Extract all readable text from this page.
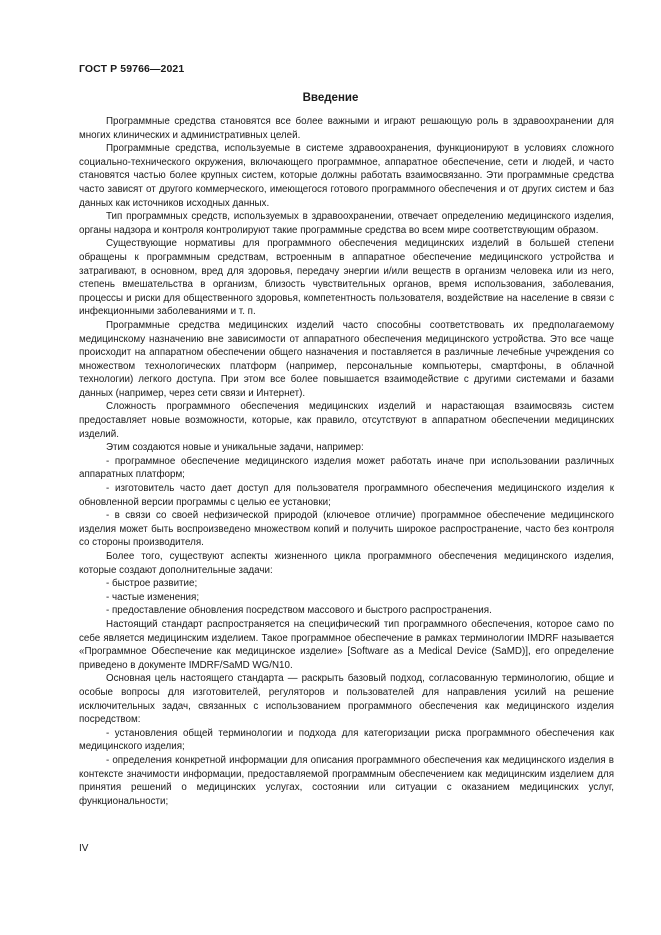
ГОСТ Р 59766—2021
Введение

Программные средства становятся все более важными и играют решающую роль в здравоохранении для многих клинических и административных целей.

Программные средства, используемые в системе здравоохранения, функционируют в условиях сложного социально-технического окружения, включающего программное, аппаратное обеспечение, сети и людей, и часто становятся частью более крупных систем, которые должны работать взаимосвязанно. Эти программные средства часто зависят от другого коммерческого, имеющегося готового программного обеспечения и от других систем и баз данных как источников исходных данных.

Тип программных средств, используемых в здравоохранении, отвечает определению медицинского изделия, органы надзора и контроля контролируют такие программные средства во всем мире соответствующим образом.

Существующие нормативы для программного обеспечения медицинских изделий в большей степени обращены к программным средствам, встроенным в аппаратное обеспечение медицинского устройства и затрагивают, в основном, вред для здоровья, передачу энергии и/или веществ в организм человека или из него, степень вмешательства в организм, близость чувствительных органов, время использования, заболевания, процессы и риски для общественного здоровья, компетентность пользователя, воздействие на население в связи с инфекционными заболеваниями и т. п.

Программные средства медицинских изделий часто способны соответствовать их предполагаемому медицинскому назначению вне зависимости от аппаратного обеспечения медицинского устройства. Это все чаще происходит на аппаратном обеспечении общего назначения и поставляется в различные лечебные учреждения со множеством технологических платформ (например, персональные компьютеры, смартфоны, в облачной технологии) легкого доступа. При этом все более повышается взаимодействие с другими системами и базами данных (например, через сети связи и Интернет).

Сложность программного обеспечения медицинских изделий и нарастающая взаимосвязь систем предоставляет новые возможности, которые, как правило, отсутствуют в аппаратном обеспечении медицинских изделий.

Этим создаются новые и уникальные задачи, например:

- программное обеспечение медицинского изделия может работать иначе при использовании различных аппаратных платформ;

- изготовитель часто дает доступ для пользователя программного обеспечения медицинского изделия к обновленной версии программы с целью ее установки;

- в связи со своей нефизической природой (ключевое отличие) программное обеспечение медицинского изделия может быть воспроизведено множеством копий и получить широкое распространение, часто без контроля со стороны производителя.

Более того, существуют аспекты жизненного цикла программного обеспечения медицинского изделия, которые создают дополнительные задачи:

- быстрое развитие;

- частые изменения;

- предоставление обновления посредством массового и быстрого распространения.

Настоящий стандарт распространяется на специфический тип программного обеспечения, которое само по себе является медицинским изделием. Такое программное обеспечение в рамках терминологии IMDRF называется «Программное Обеспечение как медицинское изделие» [Software as a Medical Device (SaMD)], его определение приведено в документе IMDRF/SaMD WG/N10.

Основная цель настоящего стандарта — раскрыть базовый подход, согласованную терминологию, общие и особые вопросы для изготовителей, регуляторов и пользователей для направления усилий на решение исключительных задач, связанных с использованием программного обеспечения как медицинского изделия посредством:

- установления общей терминологии и подхода для категоризации риска программного обеспечения как медицинского изделия;

- определения конкретной информации для описания программного обеспечения как медицинского изделия в контексте значимости информации, предоставляемой программным обеспечением как медицинским изделием для принятия решений о медицинских услугах, состоянии или ситуации с оказанием медицинских услуг, функциональности;

IV
